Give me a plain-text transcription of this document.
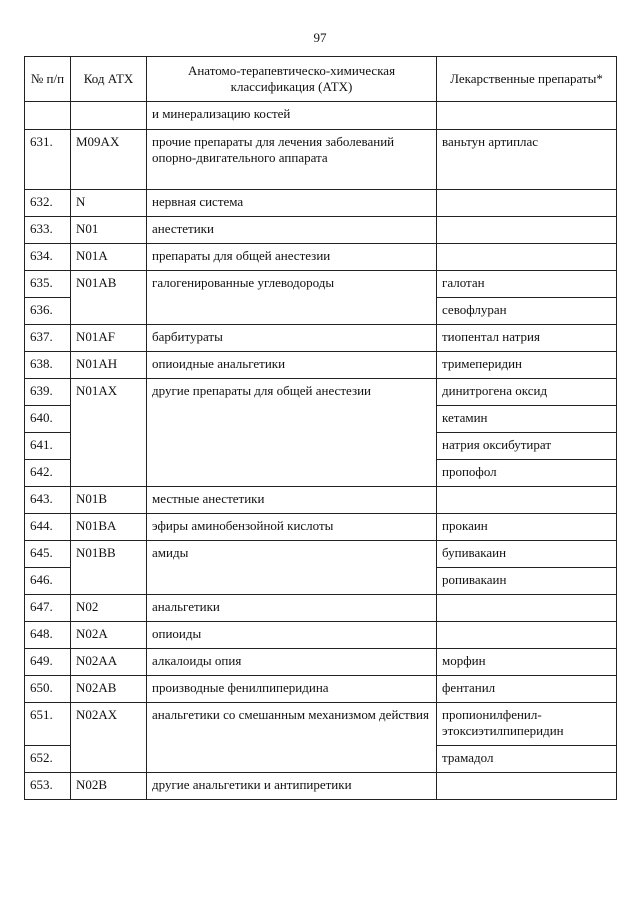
97
№ п/п	Код АТХ	Анатомо-терапевтическо-химическая классификация (АТХ)	Лекарственные препараты*
		и минерализацию костей	
631.	M09AX	прочие препараты для лечения заболеваний опорно-двигательного аппарата	ваньтун артиплас
632.	N	нервная система	
633.	N01	анестетики	
634.	N01A	препараты для общей анестезии	
635.	N01AB	галогенированные углеводороды	галотан
636.			севофлуран
637.	N01AF	барбитураты	тиопентал натрия
638.	N01AH	опиоидные анальгетики	тримеперидин
639.	N01AX	другие препараты для общей анестезии	динитрогена оксид
640.			кетамин
641.			натрия оксибутират
642.			пропофол
643.	N01B	местные анестетики	
644.	N01BA	эфиры аминобензойной кислоты	прокаин
645.	N01BB	амиды	бупивакаин
646.			ропивакаин
647.	N02	анальгетики	
648.	N02A	опиоиды	
649.	N02AA	алкалоиды опия	морфин
650.	N02AB	производные фенилпиперидина	фентанил
651.	N02AX	анальгетики со смешанным механизмом действия	пропионилфенил-этоксиэтилпиперидин
652.			трамадол
653.	N02B	другие анальгетики и антипиретики	
